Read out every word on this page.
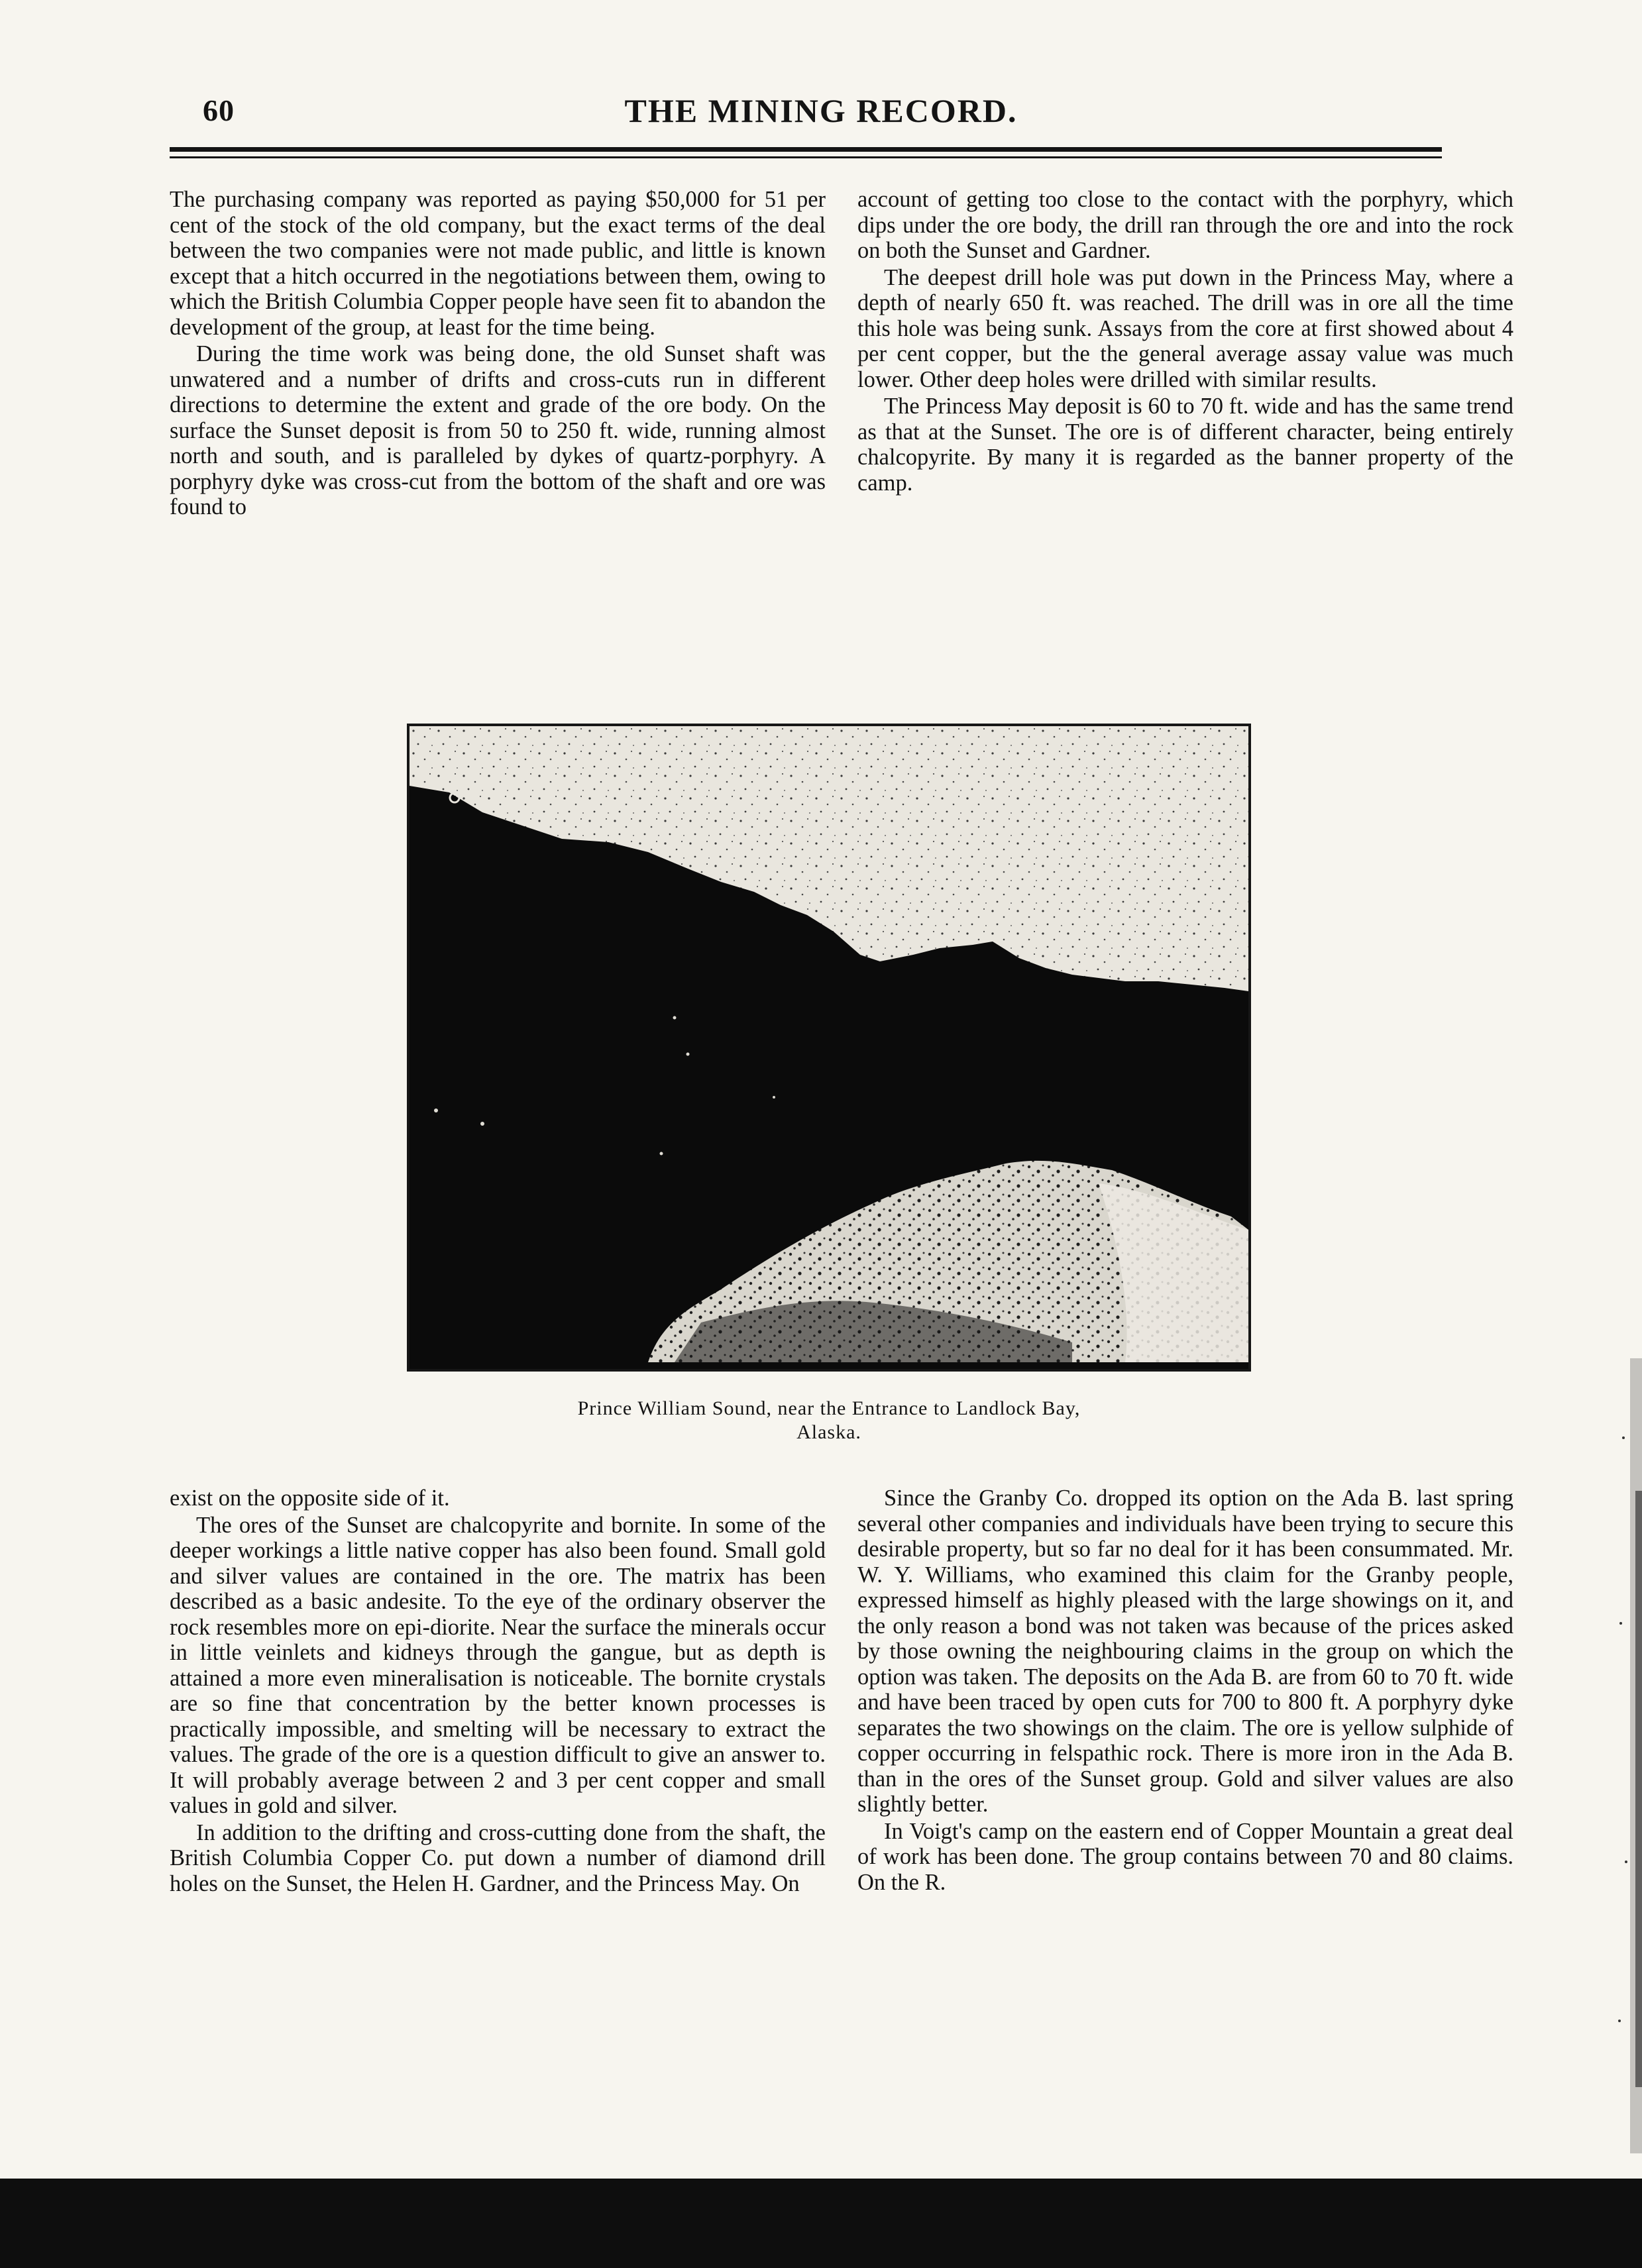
60	THE MINING RECORD.

The purchasing company was reported as paying $50,000 for 51 per cent of the stock of the old company, but the exact terms of the deal between the two companies were not made public, and little is known except that a hitch occurred in the negotiations between them, owing to which the British Columbia Copper people have seen fit to abandon the development of the group, at least for the time being.

During the time work was being done, the old Sunset shaft was unwatered and a number of drifts and cross-cuts run in different directions to determine the extent and grade of the ore body. On the surface the Sunset deposit is from 50 to 250 ft. wide, running almost north and south, and is paralleled by dykes of quartz-porphyry. A porphyry dyke was cross-cut from the bottom of the shaft and ore was found to

account of getting too close to the contact with the porphyry, which dips under the ore body, the drill ran through the ore and into the rock on both the Sunset and Gardner.

The deepest drill hole was put down in the Princess May, where a depth of nearly 650 ft. was reached. The drill was in ore all the time this hole was being sunk. Assays from the core at first showed about 4 per cent copper, but the the general average assay value was much lower. Other deep holes were drilled with similar results.

The Princess May deposit is 60 to 70 ft. wide and has the same trend as that at the Sunset. The ore is of different character, being entirely chalcopyrite. By many it is regarded as the banner property of the camp.

Prince William Sound, near the Entrance to Landlock Bay,
Alaska.

exist on the opposite side of it.

The ores of the Sunset are chalcopyrite and bornite. In some of the deeper workings a little native copper has also been found. Small gold and silver values are contained in the ore. The matrix has been described as a basic andesite. To the eye of the ordinary observer the rock resembles more on epi-diorite. Near the surface the minerals occur in little veinlets and kidneys through the gangue, but as depth is attained a more even mineralisation is noticeable. The bornite crystals are so fine that concentration by the better known processes is practically impossible, and smelting will be necessary to extract the values. The grade of the ore is a question difficult to give an answer to. It will probably average between 2 and 3 per cent copper and small values in gold and silver.

In addition to the drifting and cross-cutting done from the shaft, the British Columbia Copper Co. put down a number of diamond drill holes on the Sunset, the Helen H. Gardner, and the Princess May. On

Since the Granby Co. dropped its option on the Ada B. last spring several other companies and individuals have been trying to secure this desirable property, but so far no deal for it has been consummated. Mr. W. Y. Williams, who examined this claim for the Granby people, expressed himself as highly pleased with the large showings on it, and the only reason a bond was not taken was because of the prices asked by those owning the neighbouring claims in the group on which the option was taken. The deposits on the Ada B. are from 60 to 70 ft. wide and have been traced by open cuts for 700 to 800 ft. A porphyry dyke separates the two showings on the claim. The ore is yellow sulphide of copper occurring in felspathic rock. There is more iron in the Ada B. than in the ores of the Sunset group. Gold and silver values are also slightly better.

In Voigt's camp on the eastern end of Copper Mountain a great deal of work has been done. The group contains between 70 and 80 claims. On the R.
